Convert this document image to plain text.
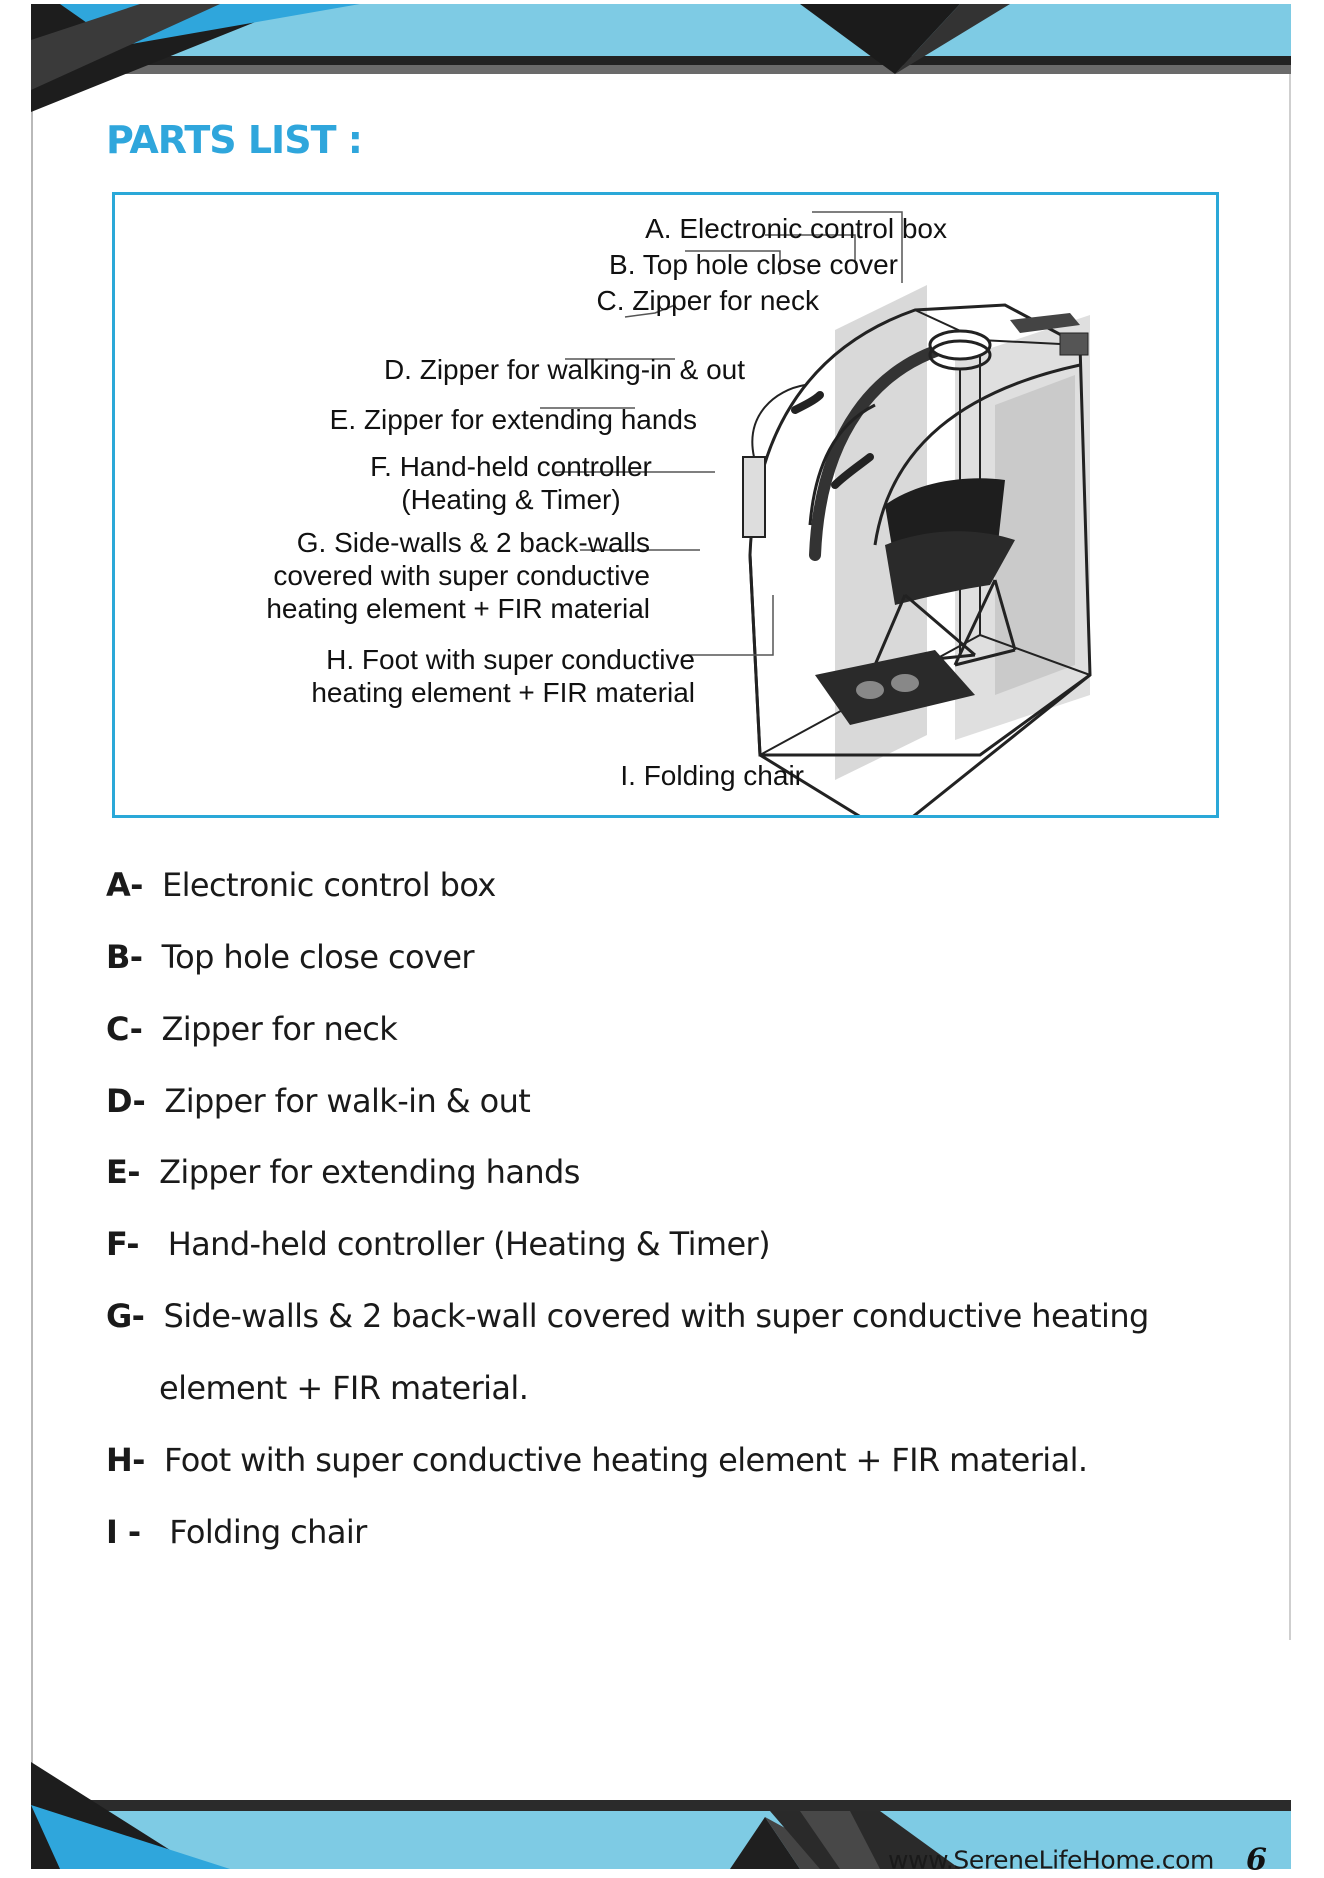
PARTS LIST :
A. Electronic control box
B. Top hole close cover
C. Zipper for neck
D. Zipper for walking-in & out
E. Zipper for extending hands
F. Hand-held controller
(Heating & Timer)
G. Side-walls & 2 back-walls
covered with super conductive
heating element + FIR material
H. Foot with super conductive
heating element + FIR material
I. Folding chair
A- Electronic control box
B- Top hole close cover
C- Zipper for neck
D- Zipper for walk-in & out
E- Zipper for extending hands
F- Hand-held controller (Heating & Timer)
G- Side-walls & 2 back-wall covered with super conductive heating
element + FIR material.
H- Foot with super conductive heating element + FIR material.
I - Folding chair
www.SereneLifeHome.com 6
